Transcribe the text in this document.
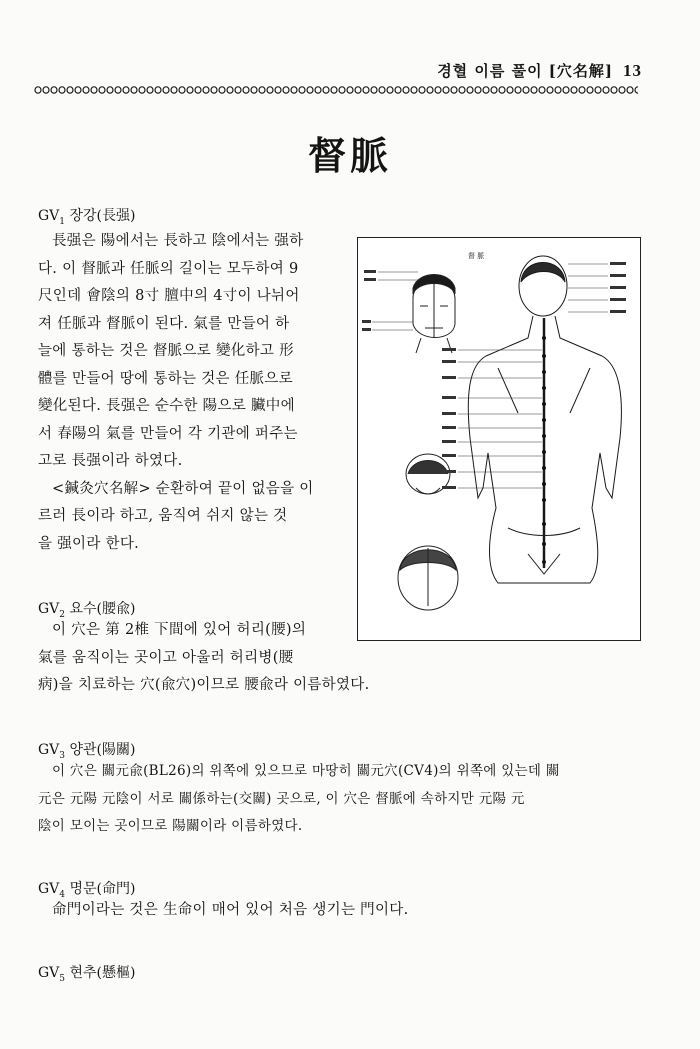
경혈 이름 풀이 [穴名解] 13
督脈
$GV_1$ 장강(長强)
長强은 陽에서는 長하고 陰에서는 强하
다. 이 督脈과 任脈의 길이는 모두하여 9
尺인데 會陰의 8寸 膻中의 4寸이 나뉘어
져 任脈과 督脈이 된다. 氣를 만들어 하
늘에 통하는 것은 督脈으로 變化하고 形
體를 만들어 땅에 통하는 것은 任脈으로
變化된다. 長强은 순수한 陽으로 臟中에
서 春陽의 氣를 만들어 각 기관에 퍼주는
고로 長强이라 하였다.
<鍼灸穴名解> 순환하여 끝이 없음을 이
르러 長이라 하고, 움직여 쉬지 않는 것
을 强이라 한다.
督 脈
$GV_2$ 요수(腰兪)
이 穴은 第 2椎 下間에 있어 허리(腰)의
氣를 움직이는 곳이고 아울러 허리병(腰
病)을 치료하는 穴(兪穴)이므로 腰兪라 이름하였다.
$GV_3$ 양관(陽關)
이 穴은 關元兪(BL26)의 위쪽에 있으므로 마땅히 關元穴(CV4)의 위쪽에 있는데 關
元은 元陽 元陰이 서로 關係하는(交關) 곳으로, 이 穴은 督脈에 속하지만 元陽 元
陰이 모이는 곳이므로 陽關이라 이름하였다.
$GV_4$ 명문(命門)
命門이라는 것은 生命이 매어 있어 처음 생기는 門이다.
$GV_5$ 현추(懸樞)
